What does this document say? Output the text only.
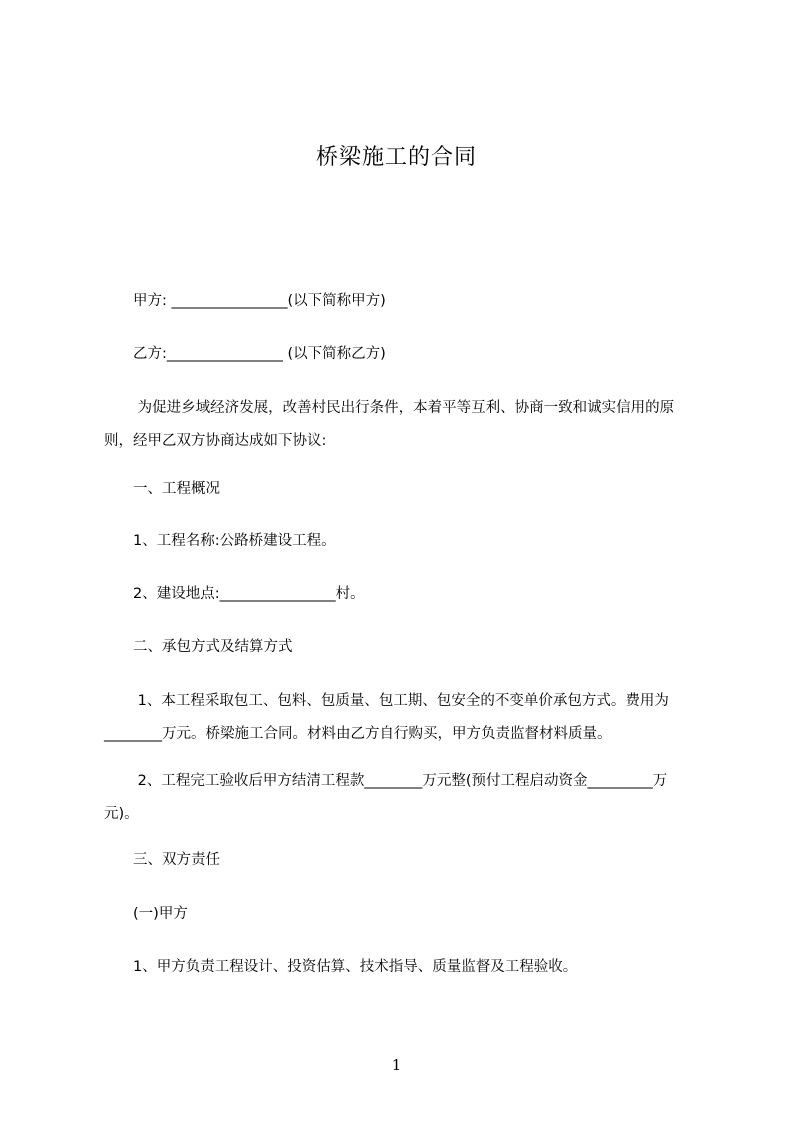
桥梁施工的合同
　　甲方: ________________(以下简称甲方)
　　乙方:________________ (以下简称乙方)
　　 为促进乡域经济发展，改善村民出行条件，本着平等互利、协商一致和诚实信用的原则，经甲乙双方协商达成如下协议:
　　一、工程概况
　　1、工程名称:公路桥建设工程。
　　2、建设地点:________________村。
　　二、承包方式及结算方式
　　 1、本工程采取包工、包料、包质量、包工期、包安全的不变单价承包方式。费用为________万元。桥梁施工合同。材料由乙方自行购买，甲方负责监督材料质量。
　　 2、工程完工验收后甲方结清工程款________万元整(预付工程启动资金_________万元)。
　　三、双方责任
　　(一)甲方
　　1、甲方负责工程设计、投资估算、技术指导、质量监督及工程验收。
1
